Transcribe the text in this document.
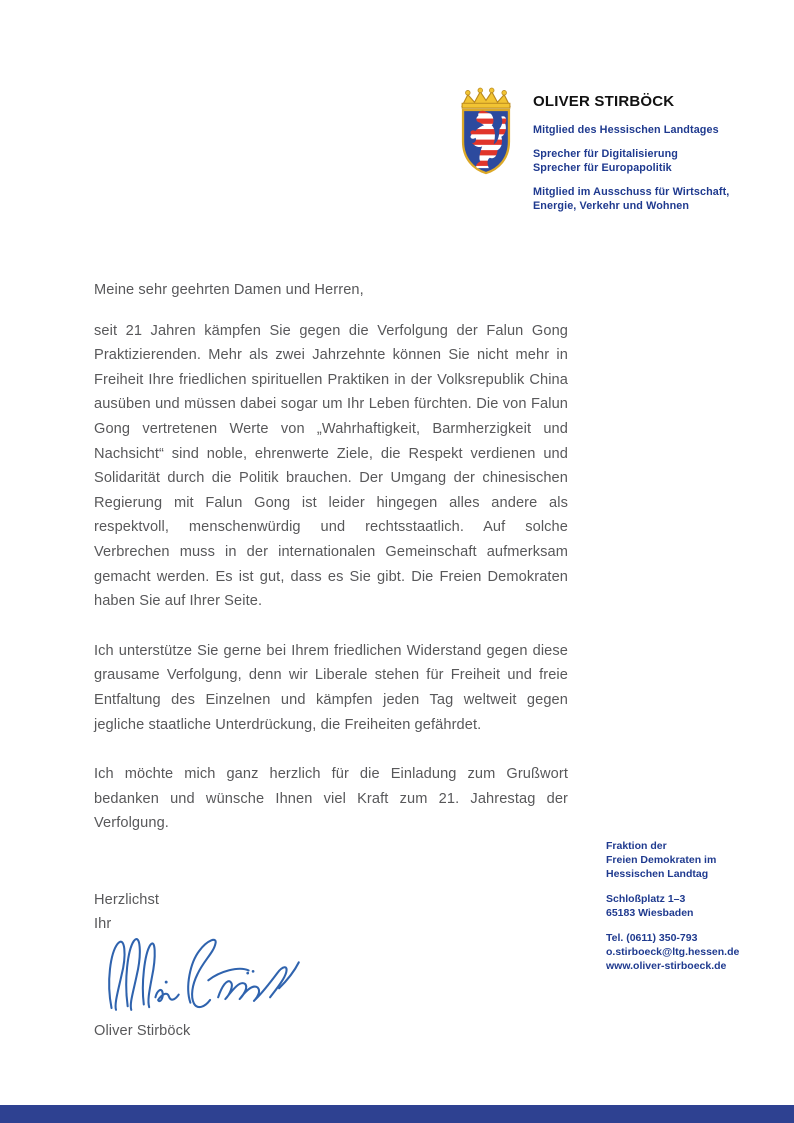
OLIVER STIRBÖCK
Mitglied des Hessischen Landtages
Sprecher für Digitalisierung
Sprecher für Europapolitik
Mitglied im Ausschuss für Wirtschaft,
Energie, Verkehr und Wohnen

Meine sehr geehrten Damen und Herren,

seit 21 Jahren kämpfen Sie gegen die Verfolgung der Falun Gong Praktizierenden. Mehr als zwei Jahrzehnte können Sie nicht mehr in Freiheit Ihre friedlichen spirituellen Praktiken in der Volksrepublik China ausüben und müssen dabei sogar um Ihr Leben fürchten. Die von Falun Gong vertretenen Werte von „Wahrhaftigkeit, Barmherzigkeit und Nachsicht“ sind noble, ehrenwerte Ziele, die Respekt verdienen und Solidarität durch die Politik brauchen. Der Umgang der chinesischen Regierung mit Falun Gong ist leider hingegen alles andere als respektvoll, menschenwürdig und rechtsstaatlich. Auf solche Verbrechen muss in der internationalen Gemeinschaft aufmerksam gemacht werden. Es ist gut, dass es Sie gibt. Die Freien Demokraten haben Sie auf Ihrer Seite.

Ich unterstütze Sie gerne bei Ihrem friedlichen Widerstand gegen diese grausame Verfolgung, denn wir Liberale stehen für Freiheit und freie Entfaltung des Einzelnen und kämpfen jeden Tag weltweit gegen jegliche staatliche Unterdrückung, die Freiheiten gefährdet.

Ich möchte mich ganz herzlich für die Einladung zum Grußwort bedanken und wünsche Ihnen viel Kraft zum 21. Jahrestag der Verfolgung.

Herzlichst

Ihr

Oliver Stirböck

Fraktion der
Freien Demokraten im
Hessischen Landtag
Schloßplatz 1–3
65183 Wiesbaden
Tel. (0611) 350-793
o.stirboeck@ltg.hessen.de
www.oliver-stirboeck.de
